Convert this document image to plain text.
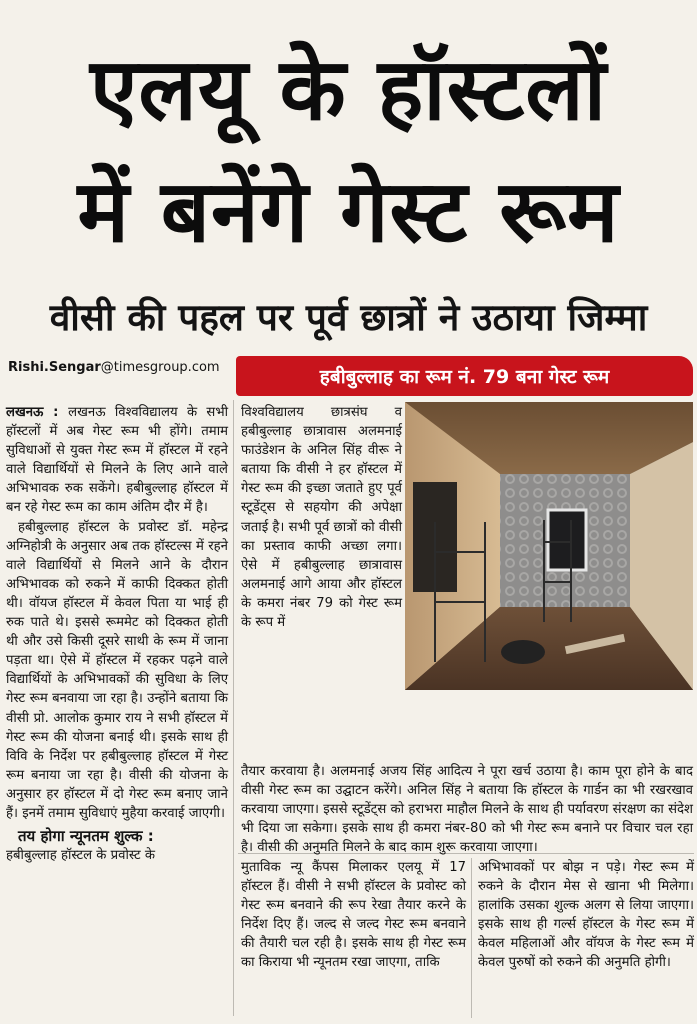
एलयू के हॉस्टलों
में बनेंगे गेस्ट रूम
वीसी की पहल पर पूर्व छात्रों ने उठाया जिम्मा
Rishi.Sengar@timesgroup.com	हबीबुल्लाह का रूम नं. 79 बना गेस्ट रूम

लखनऊ : लखनऊ विश्वविद्यालय के सभी हॉस्टलों में अब गेस्ट रूम भी होंगे। तमाम सुविधाओं से युक्त गेस्ट रूम में हॉस्टल में रहने वाले विद्यार्थियों से मिलने के लिए आने वाले अभिभावक रुक सकेंगे। हबीबुल्लाह हॉस्टल में बन रहे गेस्ट रूम का काम अंतिम दौर में है।

हबीबुल्लाह हॉस्टल के प्रवोस्ट डॉ. महेन्द्र अग्निहोत्री के अनुसार अब तक हॉस्टल्स में रहने वाले विद्यार्थियों से मिलने आने के दौरान अभिभावक को रुकने में काफी दिक्कत होती थी। वॉयज हॉस्टल में केवल पिता या भाई ही रुक पाते थे। इससे रूममेट को दिक्कत होती थी और उसे किसी दूसरे साथी के रूम में जाना पड़ता था। ऐसे में हॉस्टल में रहकर पढ़ने वाले विद्यार्थियों के अभिभावकों की सुविधा के लिए गेस्ट रूम बनवाया जा रहा है। उन्होंने बताया कि वीसी प्रो. आलोक कुमार राय ने सभी हॉस्टल में गेस्ट रूम की योजना बनाई थी। इसके साथ ही विवि के निर्देश पर हबीबुल्लाह हॉस्टल में गेस्ट रूम बनाया जा रहा है। वीसी की योजना के अनुसार हर हॉस्टल में दो गेस्ट रूम बनाए जाने हैं। इनमें तमाम सुविधाएं मुहैया करवाई जाएगी।

तय होगा न्यूनतम शुल्क :

हबीबुल्लाह हॉस्टल के प्रवोस्ट के

विश्वविद्यालय छात्रसंघ व हबीबुल्लाह छात्रावास अलमनाई फाउंडेशन के अनिल सिंह वीरू ने बताया कि वीसी ने हर हॉस्टल में गेस्ट रूम की इच्छा जताते हुए पूर्व स्टूडेंट्स से सहयोग की अपेक्षा जताई है। सभी पूर्व छात्रों को वीसी का प्रस्ताव काफी अच्छा लगा। ऐसे में हबीबुल्लाह छात्रावास अलमनाई आगे आया और हॉस्टल के कमरा नंबर 79 को गेस्ट रूम के रूप में
तैयार करवाया है। अलमनाई अजय सिंह आदित्य ने पूरा खर्च उठाया है। काम पूरा होने के बाद वीसी गेस्ट रूम का उद्घाटन करेंगे। अनिल सिंह ने बताया कि हॉस्टल के गार्डन का भी रखरखाव करवाया जाएगा। इससे स्टूडेंट्स को हराभरा माहौल मिलने के साथ ही पर्यावरण संरक्षण का संदेश भी दिया जा सकेगा। इसके साथ ही कमरा नंबर-80 को भी गेस्ट रूम बनाने पर विचार चल रहा है। वीसी की अनुमति मिलने के बाद काम शुरू करवाया जाएगा।
मुताविक न्यू कैंपस मिलाकर एलयू में 17 हॉस्टल हैं। वीसी ने सभी हॉस्टल के प्रवोस्ट को गेस्ट रूम बनवाने की रूप रेखा तैयार करने के निर्देश दिए हैं। जल्द से जल्द गेस्ट रूम बनवाने की तैयारी चल रही है। इसके साथ ही गेस्ट रूम का किराया भी न्यूनतम रखा जाएगा, ताकि
अभिभावकों पर बोझ न पड़े। गेस्ट रूम में रुकने के दौरान मेस से खाना भी मिलेगा। हालांकि उसका शुल्क अलग से लिया जाएगा। इसके साथ ही गर्ल्स हॉस्टल के गेस्ट रूम में केवल महिलाओं और वॉयज के गेस्ट रूम में केवल पुरुषों को रुकने की अनुमति होगी।
